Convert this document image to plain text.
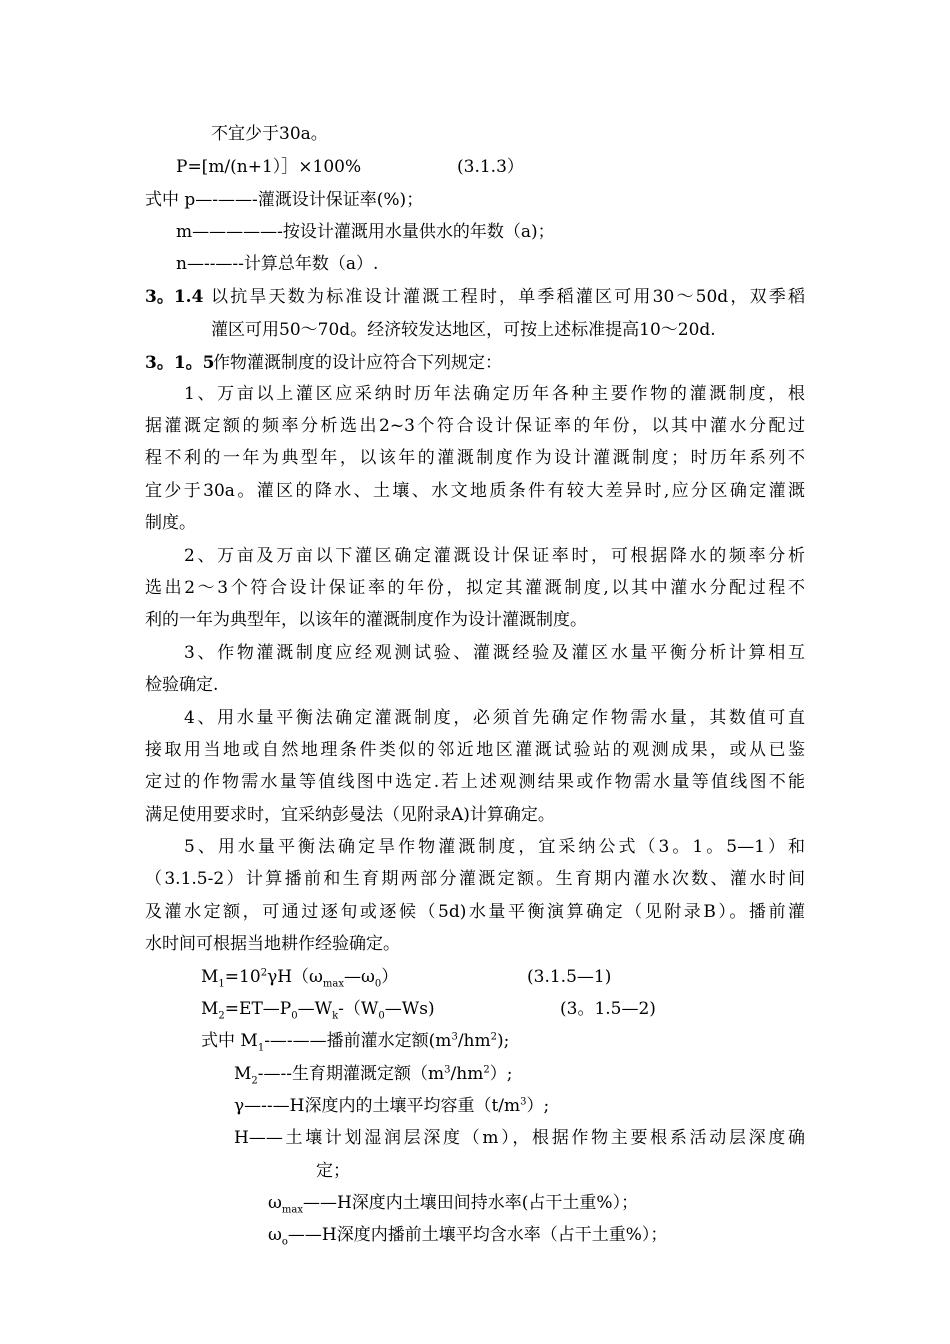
不宜少于30a。
P=[m/(n+1）］×100%	(3.1.3）
式中 p—-——-灌溉设计保证率(%)；
m—————-按设计灌溉用水量供水的年数（a)；
n—--—--计算总年数（a）.
3。1.4 以抗旱天数为标准设计灌溉工程时，单季稻灌区可用30～50d，双季稻
灌区可用50～70d。经济较发达地区，可按上述标准提高10～20d.
3。1。5
作物灌溉制度的设计应符合下列规定：
1、万亩以上灌区应采纳时历年法确定历年各种主要作物的灌溉制度，根
据灌溉定额的频率分析选出2~3个符合设计保证率的年份，以其中灌水分配过
程不利的一年为典型年，以该年的灌溉制度作为设计灌溉制度；时历年系列不
宜少于30a。灌区的降水、土壤、水文地质条件有较大差异时,应分区确定灌溉
制度。
2、万亩及万亩以下灌区确定灌溉设计保证率时，可根据降水的频率分析
选出2～3个符合设计保证率的年份，拟定其灌溉制度,以其中灌水分配过程不
利的一年为典型年，以该年的灌溉制度作为设计灌溉制度。
3、作物灌溉制度应经观测试验、灌溉经验及灌区水量平衡分析计算相互
检验确定.
4、用水量平衡法确定灌溉制度，必须首先确定作物需水量，其数值可直
接取用当地或自然地理条件类似的邻近地区灌溉试验站的观测成果，或从已鉴
定过的作物需水量等值线图中选定.若上述观测结果或作物需水量等值线图不能
满足使用要求时，宜采纳彭曼法（见附录A)计算确定。
5、用水量平衡法确定旱作物灌溉制度，宜采纳公式（3。1。5—1）和
（3.1.5-2）计算播前和生育期两部分灌溉定额。生育期内灌水次数、灌水时间
及灌水定额，可通过逐旬或逐候（5d)水量平衡演算确定（见附录B）。播前灌
水时间可根据当地耕作经验确定。
$M_1=10^2\gamma H(\omega_{max}—\omega_0)$	(3.1.5—1)
$M_2=ET—P_0—W_k-(W_0—Ws)$	(3。1.5—2)
式中 $M_1-—-——$播前灌水定额$(m^3/hm^2)$;
$M_2-—--$生育期灌溉定额$(m^3/hm^2)$;
γ—--—H深度内的土壤平均容重$(t/m^3)$;
H——土壤计划湿润层深度（m），根据作物主要根系活动层深度确
定；
$\omega_{max}——H$深度内土壤田间持水率(占干土重%）；
$\omega_o——H$深度内播前土壤平均含水率（占干土重%）；
